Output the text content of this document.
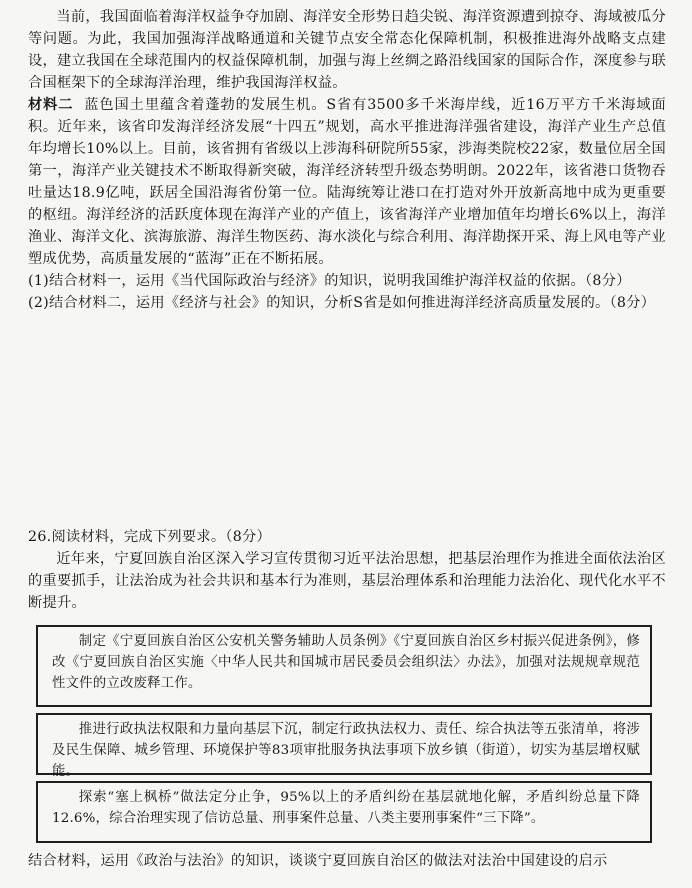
当前，我国面临着海洋权益争夺加剧、海洋安全形势日趋尖锐、海洋资源遭到掠夺、海域被瓜分等问题。为此，我国加强海洋战略通道和关键节点安全常态化保障机制，积极推进海外战略支点建设，建立我国在全球范围内的权益保障机制，加强与海上丝绸之路沿线国家的国际合作，深度参与联合国框架下的全球海洋治理，维护我国海洋权益。

材料二 蓝色国土里蕴含着蓬勃的发展生机。S省有3500多千米海岸线，近16万平方千米海域面积。近年来，该省印发海洋经济发展“十四五”规划，高水平推进海洋强省建设，海洋产业生产总值年均增长10%以上。目前，该省拥有省级以上涉海科研院所55家，涉海类院校22家，数量位居全国第一，海洋产业关键技术不断取得新突破，海洋经济转型升级态势明朗。2022年，该省港口货物吞吐量达18.9亿吨，跃居全国沿海省份第一位。陆海统筹让港口在打造对外开放新高地中成为更重要的枢纽。海洋经济的活跃度体现在海洋产业的产值上，该省海洋产业增加值年均增长6%以上，海洋渔业、海洋文化、滨海旅游、海洋生物医药、海水淡化与综合利用、海洋勘探开采、海上风电等产业塑成优势，高质量发展的“蓝海”正在不断拓展。

(1)结合材料一，运用《当代国际政治与经济》的知识，说明我国维护海洋权益的依据。（8分）

(2)结合材料二，运用《经济与社会》的知识，分析S省是如何推进海洋经济高质量发展的。（8分）

26.阅读材料，完成下列要求。（8分）

近年来，宁夏回族自治区深入学习宣传贯彻习近平法治思想，把基层治理作为推进全面依法治区的重要抓手，让法治成为社会共识和基本行为准则，基层治理体系和治理能力法治化、现代化水平不断提升。

制定《宁夏回族自治区公安机关警务辅助人员条例》《宁夏回族自治区乡村振兴促进条例》，修改《宁夏回族自治区实施〈中华人民共和国城市居民委员会组织法〉办法》，加强对法规规章规范性文件的立改废释工作。

推进行政执法权限和力量向基层下沉，制定行政执法权力、责任、综合执法等五张清单，将涉及民生保障、城乡管理、环境保护等83项审批服务执法事项下放乡镇（街道），切实为基层增权赋能。

探索“塞上枫桥”做法定分止争，95%以上的矛盾纠纷在基层就地化解，矛盾纠纷总量下降12.6%，综合治理实现了信访总量、刑事案件总量、八类主要刑事案件“三下降”。

结合材料，运用《政治与法治》的知识，谈谈宁夏回族自治区的做法对法治中国建设的启示
